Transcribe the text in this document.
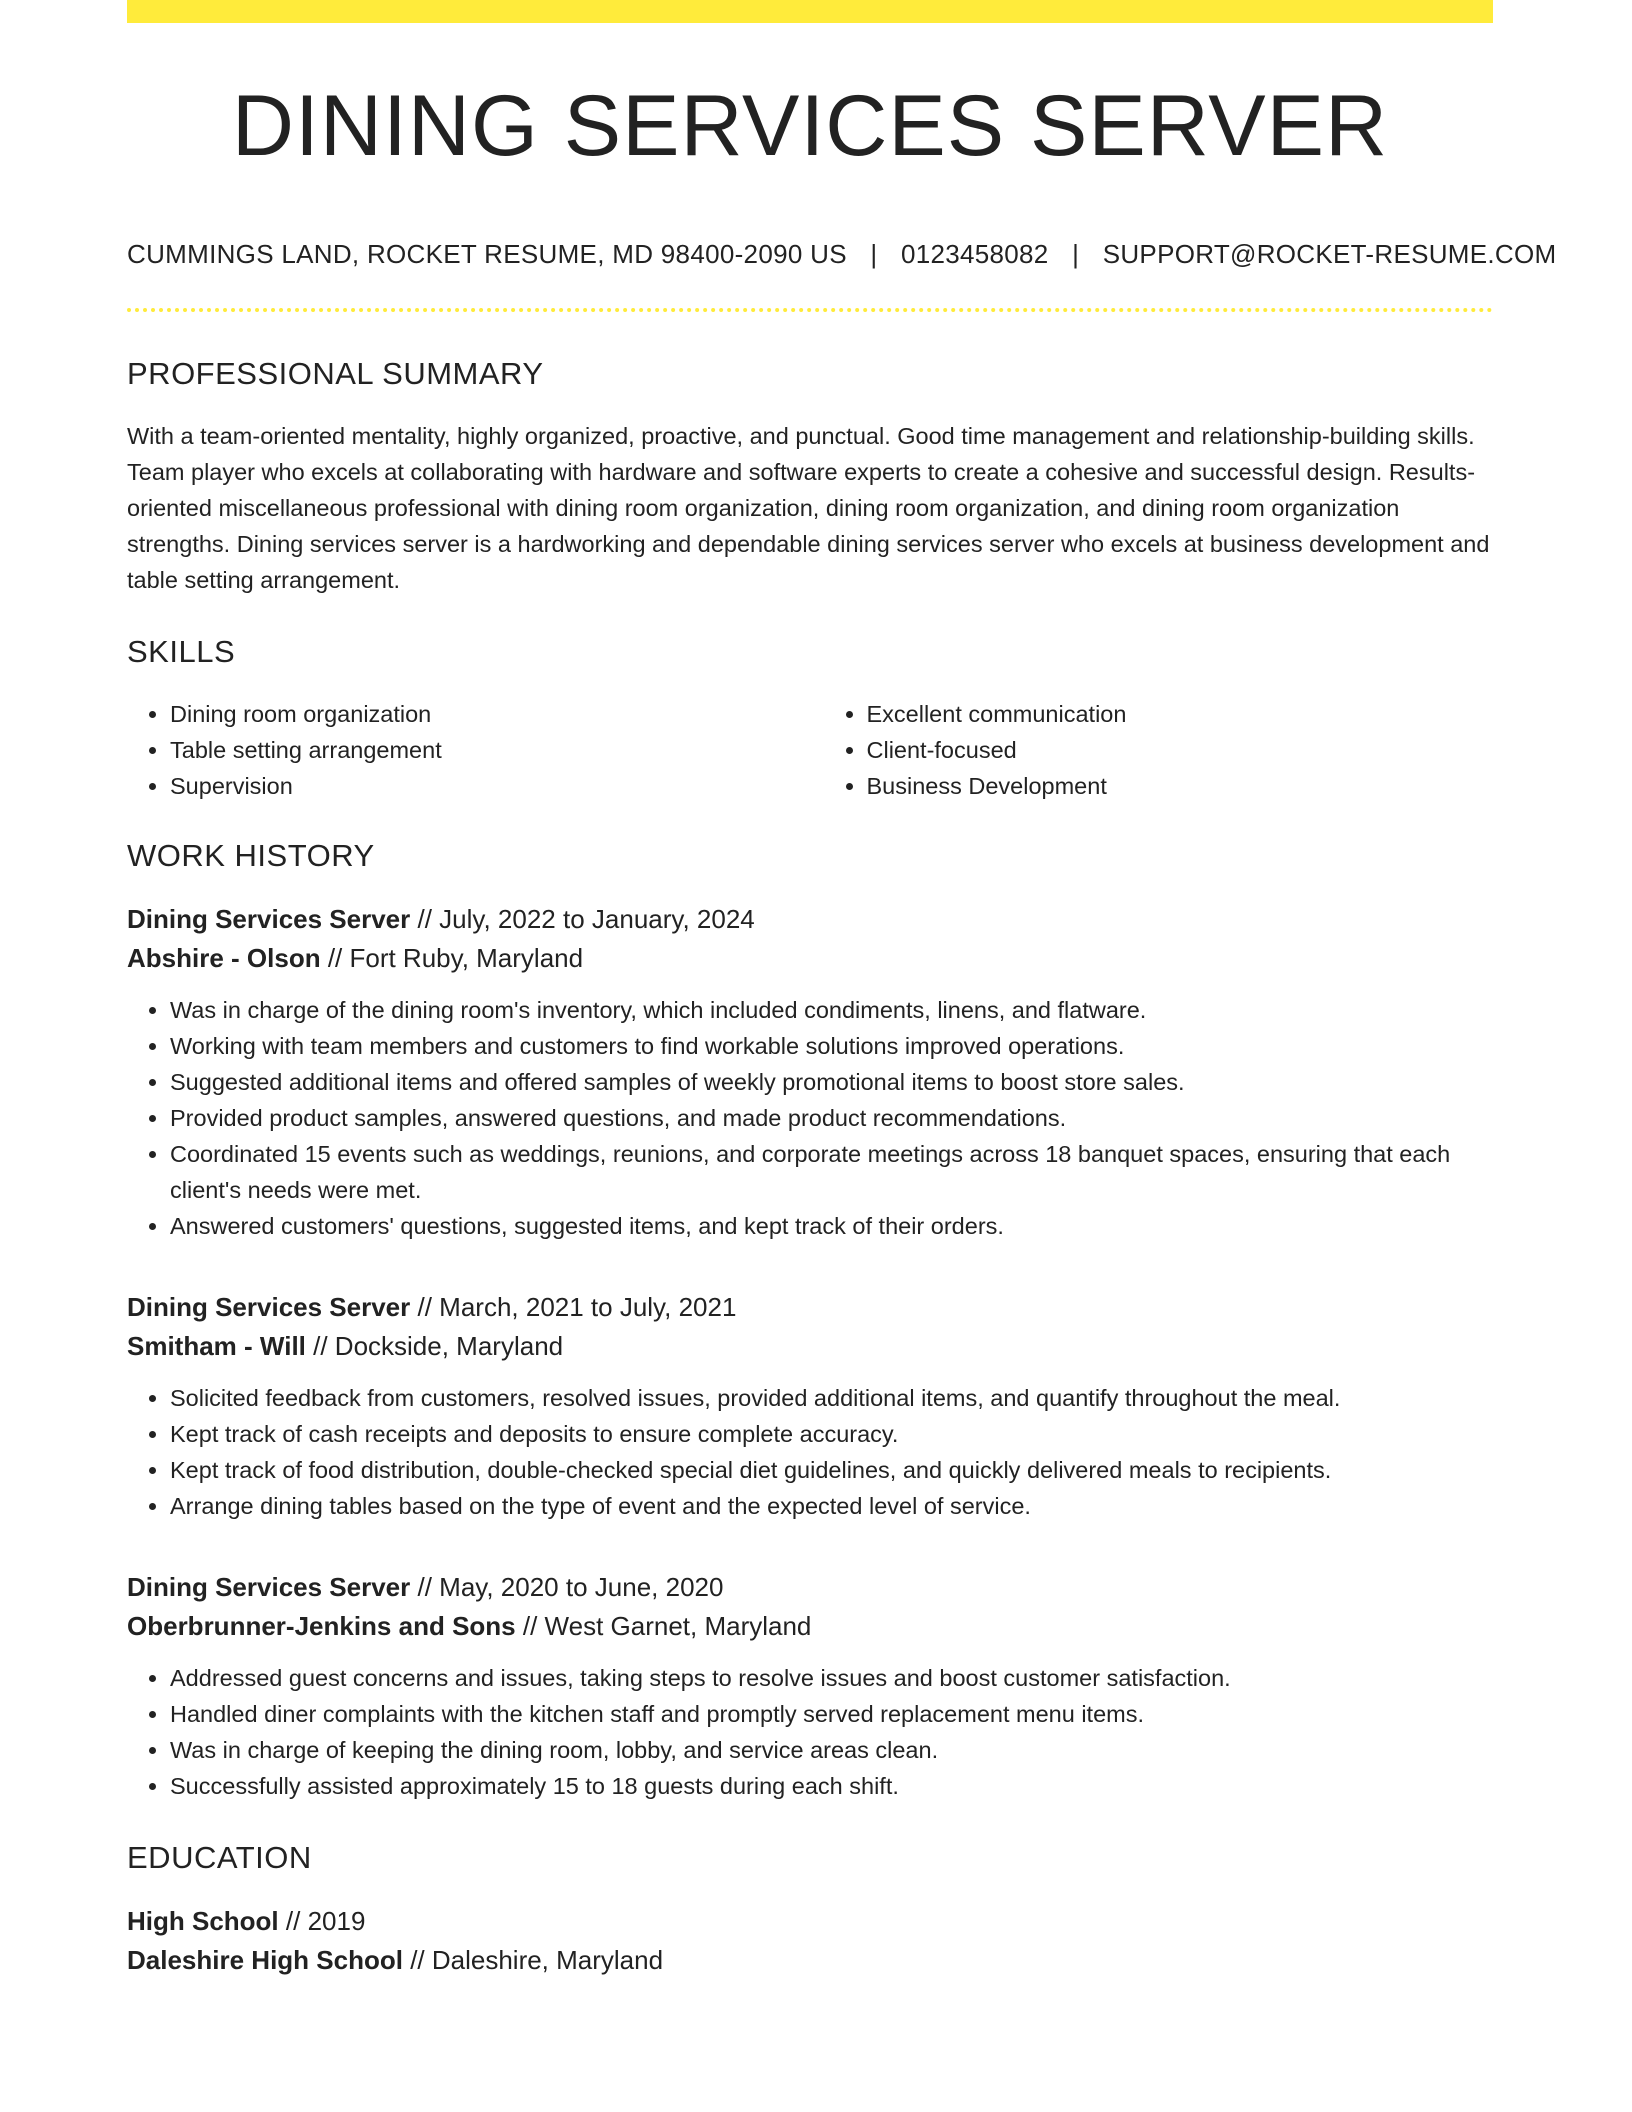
DINING SERVICES SERVER
CUMMINGS LAND, ROCKET RESUME, MD 98400-2090 US | 0123458082 | SUPPORT@ROCKET-RESUME.COM
PROFESSIONAL SUMMARY

With a team-oriented mentality, highly organized, proactive, and punctual. Good time management and relationship-building skills. Team player who excels at collaborating with hardware and software experts to create a cohesive and successful design. Results-oriented miscellaneous professional with dining room organization, dining room organization, and dining room organization strengths. Dining services server is a hardworking and dependable dining services server who excels at business development and table setting arrangement.

SKILLS
• Dining room organization
• Table setting arrangement
• Supervision
• Excellent communication
• Client-focused
• Business Development
WORK HISTORY
Dining Services Server // July, 2022 to January, 2024
Abshire - Olson // Fort Ruby, Maryland
• Was in charge of the dining room's inventory, which included condiments, linens, and flatware.
• Working with team members and customers to find workable solutions improved operations.
• Suggested additional items and offered samples of weekly promotional items to boost store sales.
• Provided product samples, answered questions, and made product recommendations.
• Coordinated 15 events such as weddings, reunions, and corporate meetings across 18 banquet spaces, ensuring that each client's needs were met.
• Answered customers' questions, suggested items, and kept track of their orders.
Dining Services Server // March, 2021 to July, 2021
Smitham - Will // Dockside, Maryland
• Solicited feedback from customers, resolved issues, provided additional items, and quantify throughout the meal.
• Kept track of cash receipts and deposits to ensure complete accuracy.
• Kept track of food distribution, double-checked special diet guidelines, and quickly delivered meals to recipients.
• Arrange dining tables based on the type of event and the expected level of service.
Dining Services Server // May, 2020 to June, 2020
Oberbrunner-Jenkins and Sons // West Garnet, Maryland
• Addressed guest concerns and issues, taking steps to resolve issues and boost customer satisfaction.
• Handled diner complaints with the kitchen staff and promptly served replacement menu items.
• Was in charge of keeping the dining room, lobby, and service areas clean.
• Successfully assisted approximately 15 to 18 guests during each shift.
EDUCATION
High School // 2019
Daleshire High School // Daleshire, Maryland
